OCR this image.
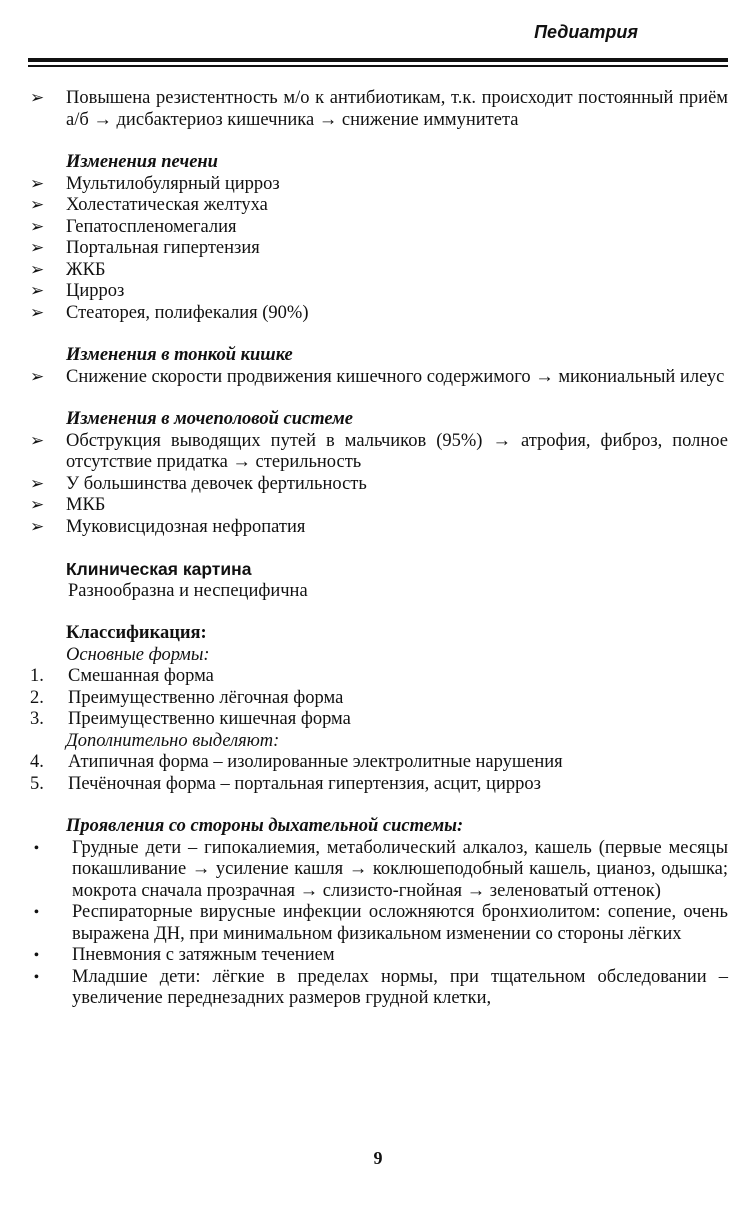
Педиатрия
➢	Повышена резистентность м/о к антибиотикам, т.к. происходит постоянный приём а/б → дисбактериоз кишечника → снижение иммунитета
Изменения печени
➢	Мультилобулярный цирроз
➢	Холестатическая желтуха
➢	Гепатоспленомегалия
➢	Портальная гипертензия
➢	ЖКБ
➢	Цирроз
➢	Стеаторея, полифекалия (90%)
Изменения в тонкой кишке
➢	Снижение скорости продвижения кишечного содержимого → микониальный илеус
Изменения в мочеполовой системе
➢	Обструкция выводящих путей в мальчиков (95%) → атрофия, фиброз, полное отсутствие придатка → стерильность
➢	У большинства девочек фертильность
➢	МКБ
➢	Муковисцидозная нефропатия
Клиническая картина
Разнообразна и неспецифична
Классификация:
Основные формы:
1.	Смешанная форма
2.	Преимущественно лёгочная форма
3.	Преимущественно кишечная форма
Дополнительно выделяют:
4.	Атипичная форма – изолированные электролитные нарушения
5.	Печёночная форма – портальная гипертензия, асцит, цирроз
Проявления со стороны дыхательной системы:
•	Грудные дети – гипокалиемия, метаболический алкалоз, кашель (первые месяцы покашливание → усиление кашля → коклюшеподобный кашель, цианоз, одышка; мокрота сначала прозрачная → слизисто-гнойная → зеленоватый оттенок)
•	Респираторные вирусные инфекции осложняются бронхиолитом: сопение, очень выражена ДН, при минимальном физикальном изменении со стороны лёгких
•	Пневмония с затяжным течением
•	Младшие дети: лёгкие в пределах нормы, при тщательном обследовании – увеличение переднезадних размеров грудной клетки,
9
